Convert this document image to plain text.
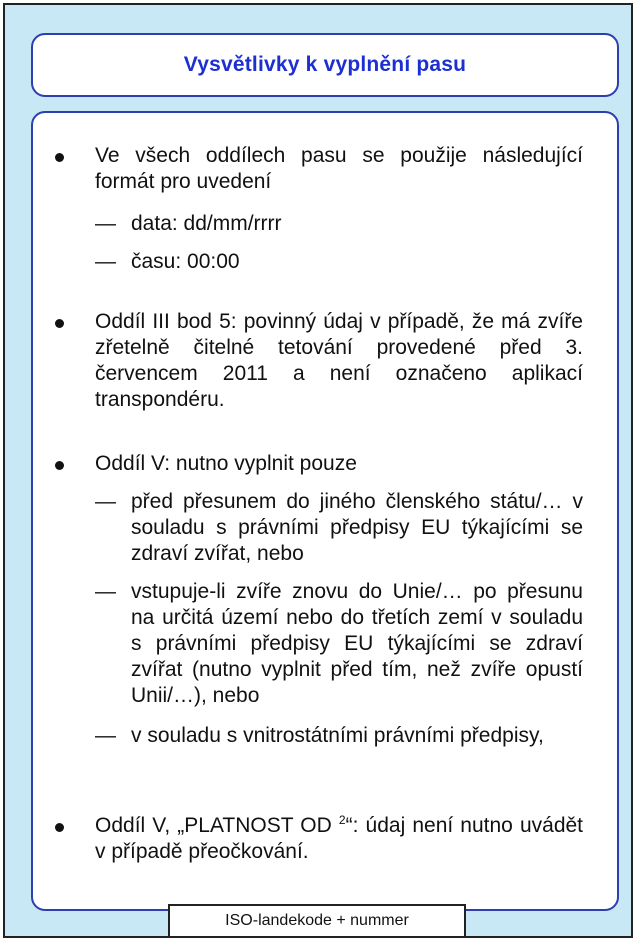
Vysvětlivky k vyplnění pasu
Ve všech oddílech pasu se použije následující formát pro uvedení
— data: dd/mm/rrrr
— času: 00:00
Oddíl III bod 5: povinný údaj v případě, že má zvíře zřetelně čitelné tetování provedené před 3. červencem 2011 a není označeno aplikací transpondéru.
Oddíl V: nutno vyplnit pouze
— před přesunem do jiného členského státu/… v souladu s právními předpisy EU týkajícími se zdraví zvířat, nebo
— vstupuje-li zvíře znovu do Unie/… po přesunu na určitá území nebo do třetích zemí v souladu s právními předpisy EU týkajícími se zdraví zvířat (nutno vyplnit před tím, než zvíře opustí Unii/…), nebo
— v souladu s vnitrostátními právními předpisy,
Oddíl V, „PLATNOST OD $^2$“: údaj není nutno uvádět v případě přeočkování.
ISO-landekode + nummer
